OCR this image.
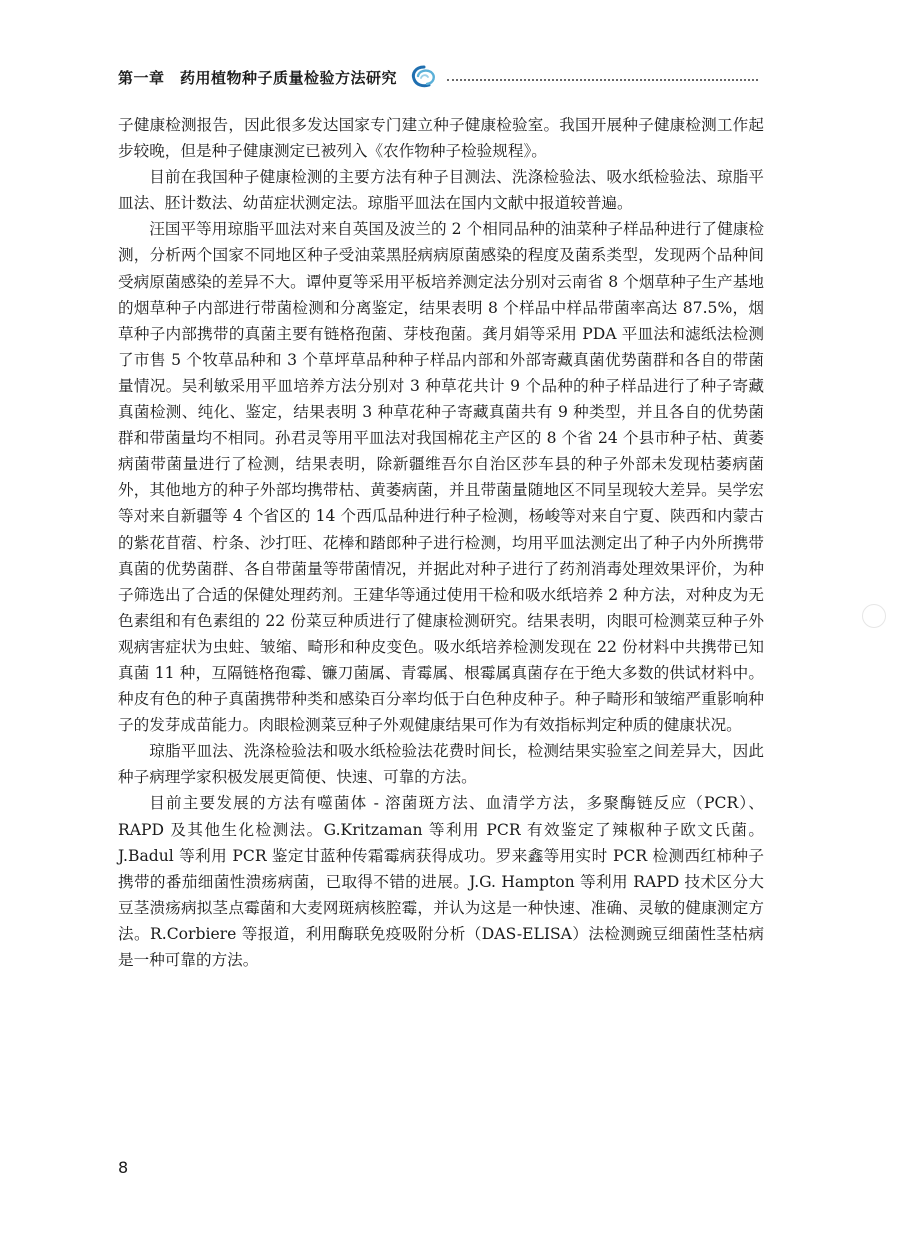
第一章　药用植物种子质量检验方法研究

子健康检测报告，因此很多发达国家专门建立种子健康检验室。我国开展种子健康检测工作起步较晚，但是种子健康测定已被列入《农作物种子检验规程》。

目前在我国种子健康检测的主要方法有种子目测法、洗涤检验法、吸水纸检验法、琼脂平皿法、胚计数法、幼苗症状测定法。琼脂平皿法在国内文献中报道较普遍。

汪国平等用琼脂平皿法对来自英国及波兰的 2 个相同品种的油菜种子样品种进行了健康检测，分析两个国家不同地区种子受油菜黑胫病病原菌感染的程度及菌系类型，发现两个品种间受病原菌感染的差异不大。谭仲夏等采用平板培养测定法分别对云南省 8 个烟草种子生产基地的烟草种子内部进行带菌检测和分离鉴定，结果表明 8 个样品中样品带菌率高达 87.5%，烟草种子内部携带的真菌主要有链格孢菌、芽枝孢菌。龚月娟等采用 PDA 平皿法和滤纸法检测了市售 5 个牧草品种和 3 个草坪草品种种子样品内部和外部寄藏真菌优势菌群和各自的带菌量情况。吴利敏采用平皿培养方法分别对 3 种草花共计 9 个品种的种子样品进行了种子寄藏真菌检测、纯化、鉴定，结果表明 3 种草花种子寄藏真菌共有 9 种类型，并且各自的优势菌群和带菌量均不相同。孙君灵等用平皿法对我国棉花主产区的 8 个省 24 个县市种子枯、黄萎病菌带菌量进行了检测，结果表明，除新疆维吾尔自治区莎车县的种子外部未发现枯萎病菌外，其他地方的种子外部均携带枯、黄萎病菌，并且带菌量随地区不同呈现较大差异。吴学宏等对来自新疆等 4 个省区的 14 个西瓜品种进行种子检测，杨峻等对来自宁夏、陕西和内蒙古的紫花苜蓿、柠条、沙打旺、花棒和踏郎种子进行检测，均用平皿法测定出了种子内外所携带真菌的优势菌群、各自带菌量等带菌情况，并据此对种子进行了药剂消毒处理效果评价，为种子筛选出了合适的保健处理药剂。王建华等通过使用干检和吸水纸培养 2 种方法，对种皮为无色素组和有色素组的 22 份菜豆种质进行了健康检测研究。结果表明，肉眼可检测菜豆种子外观病害症状为虫蛀、皱缩、畸形和种皮变色。吸水纸培养检测发现在 22 份材料中共携带已知真菌 11 种，互隔链格孢霉、镰刀菌属、青霉属、根霉属真菌存在于绝大多数的供试材料中。种皮有色的种子真菌携带种类和感染百分率均低于白色种皮种子。种子畸形和皱缩严重影响种子的发芽成苗能力。肉眼检测菜豆种子外观健康结果可作为有效指标判定种质的健康状况。

琼脂平皿法、洗涤检验法和吸水纸检验法花费时间长，检测结果实验室之间差异大，因此种子病理学家积极发展更简便、快速、可靠的方法。

目前主要发展的方法有噬菌体 - 溶菌斑方法、血清学方法，多聚酶链反应（PCR）、RAPD 及其他生化检测法。G.Kritzaman 等利用 PCR 有效鉴定了辣椒种子欧文氏菌。J.Badul 等利用 PCR 鉴定甘蓝种传霜霉病获得成功。罗来鑫等用实时 PCR 检测西红柿种子携带的番茄细菌性溃疡病菌，已取得不错的进展。J.G. Hampton 等利用 RAPD 技术区分大豆茎溃疡病拟茎点霉菌和大麦网斑病核腔霉，并认为这是一种快速、准确、灵敏的健康测定方法。R.Corbiere 等报道，利用酶联免疫吸附分析（DAS-ELISA）法检测豌豆细菌性茎枯病是一种可靠的方法。

8
